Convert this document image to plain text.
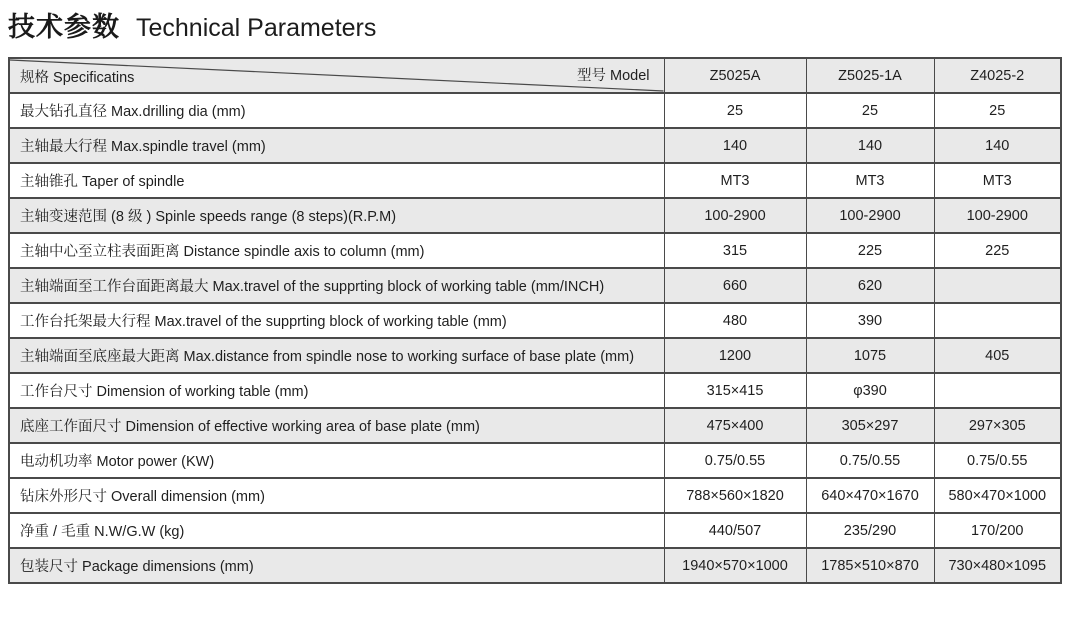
技术参数 Technical Parameters
规格 Specificatins 型号 Model	Z5025A	Z5025-1A	Z4025-2
最大钻孔直径 Max.drilling dia (mm)	25	25	25
主轴最大行程 Max.spindle travel (mm)	140	140	140
主轴锥孔 Taper of spindle	MT3	MT3	MT3
主轴变速范围 (8 级 ) Spinle speeds range (8 steps)(R.P.M)	100-2900	100-2900	100-2900
主轴中心至立柱表面距离 Distance spindle axis to column (mm)	315	225	225
主轴端面至工作台面距离最大 Max.travel of the supprting block of working table (mm/INCH)	660	620	
工作台托架最大行程 Max.travel of the supprting block of working table (mm)	480	390	
主轴端面至底座最大距离 Max.distance from spindle nose to working surface of base plate (mm)	1200	1075	405
工作台尺寸 Dimension of working table (mm)	315×415	φ390	
底座工作面尺寸 Dimension of effective working area of base plate (mm)	475×400	305×297	297×305
电动机功率 Motor power (KW)	0.75/0.55	0.75/0.55	0.75/0.55
钻床外形尺寸 Overall dimension (mm)	788×560×1820	640×470×1670	580×470×1000
净重 / 毛重 N.W/G.W (kg)	440/507	235/290	170/200
包装尺寸 Package dimensions (mm)	1940×570×1000	1785×510×870	730×480×1095
